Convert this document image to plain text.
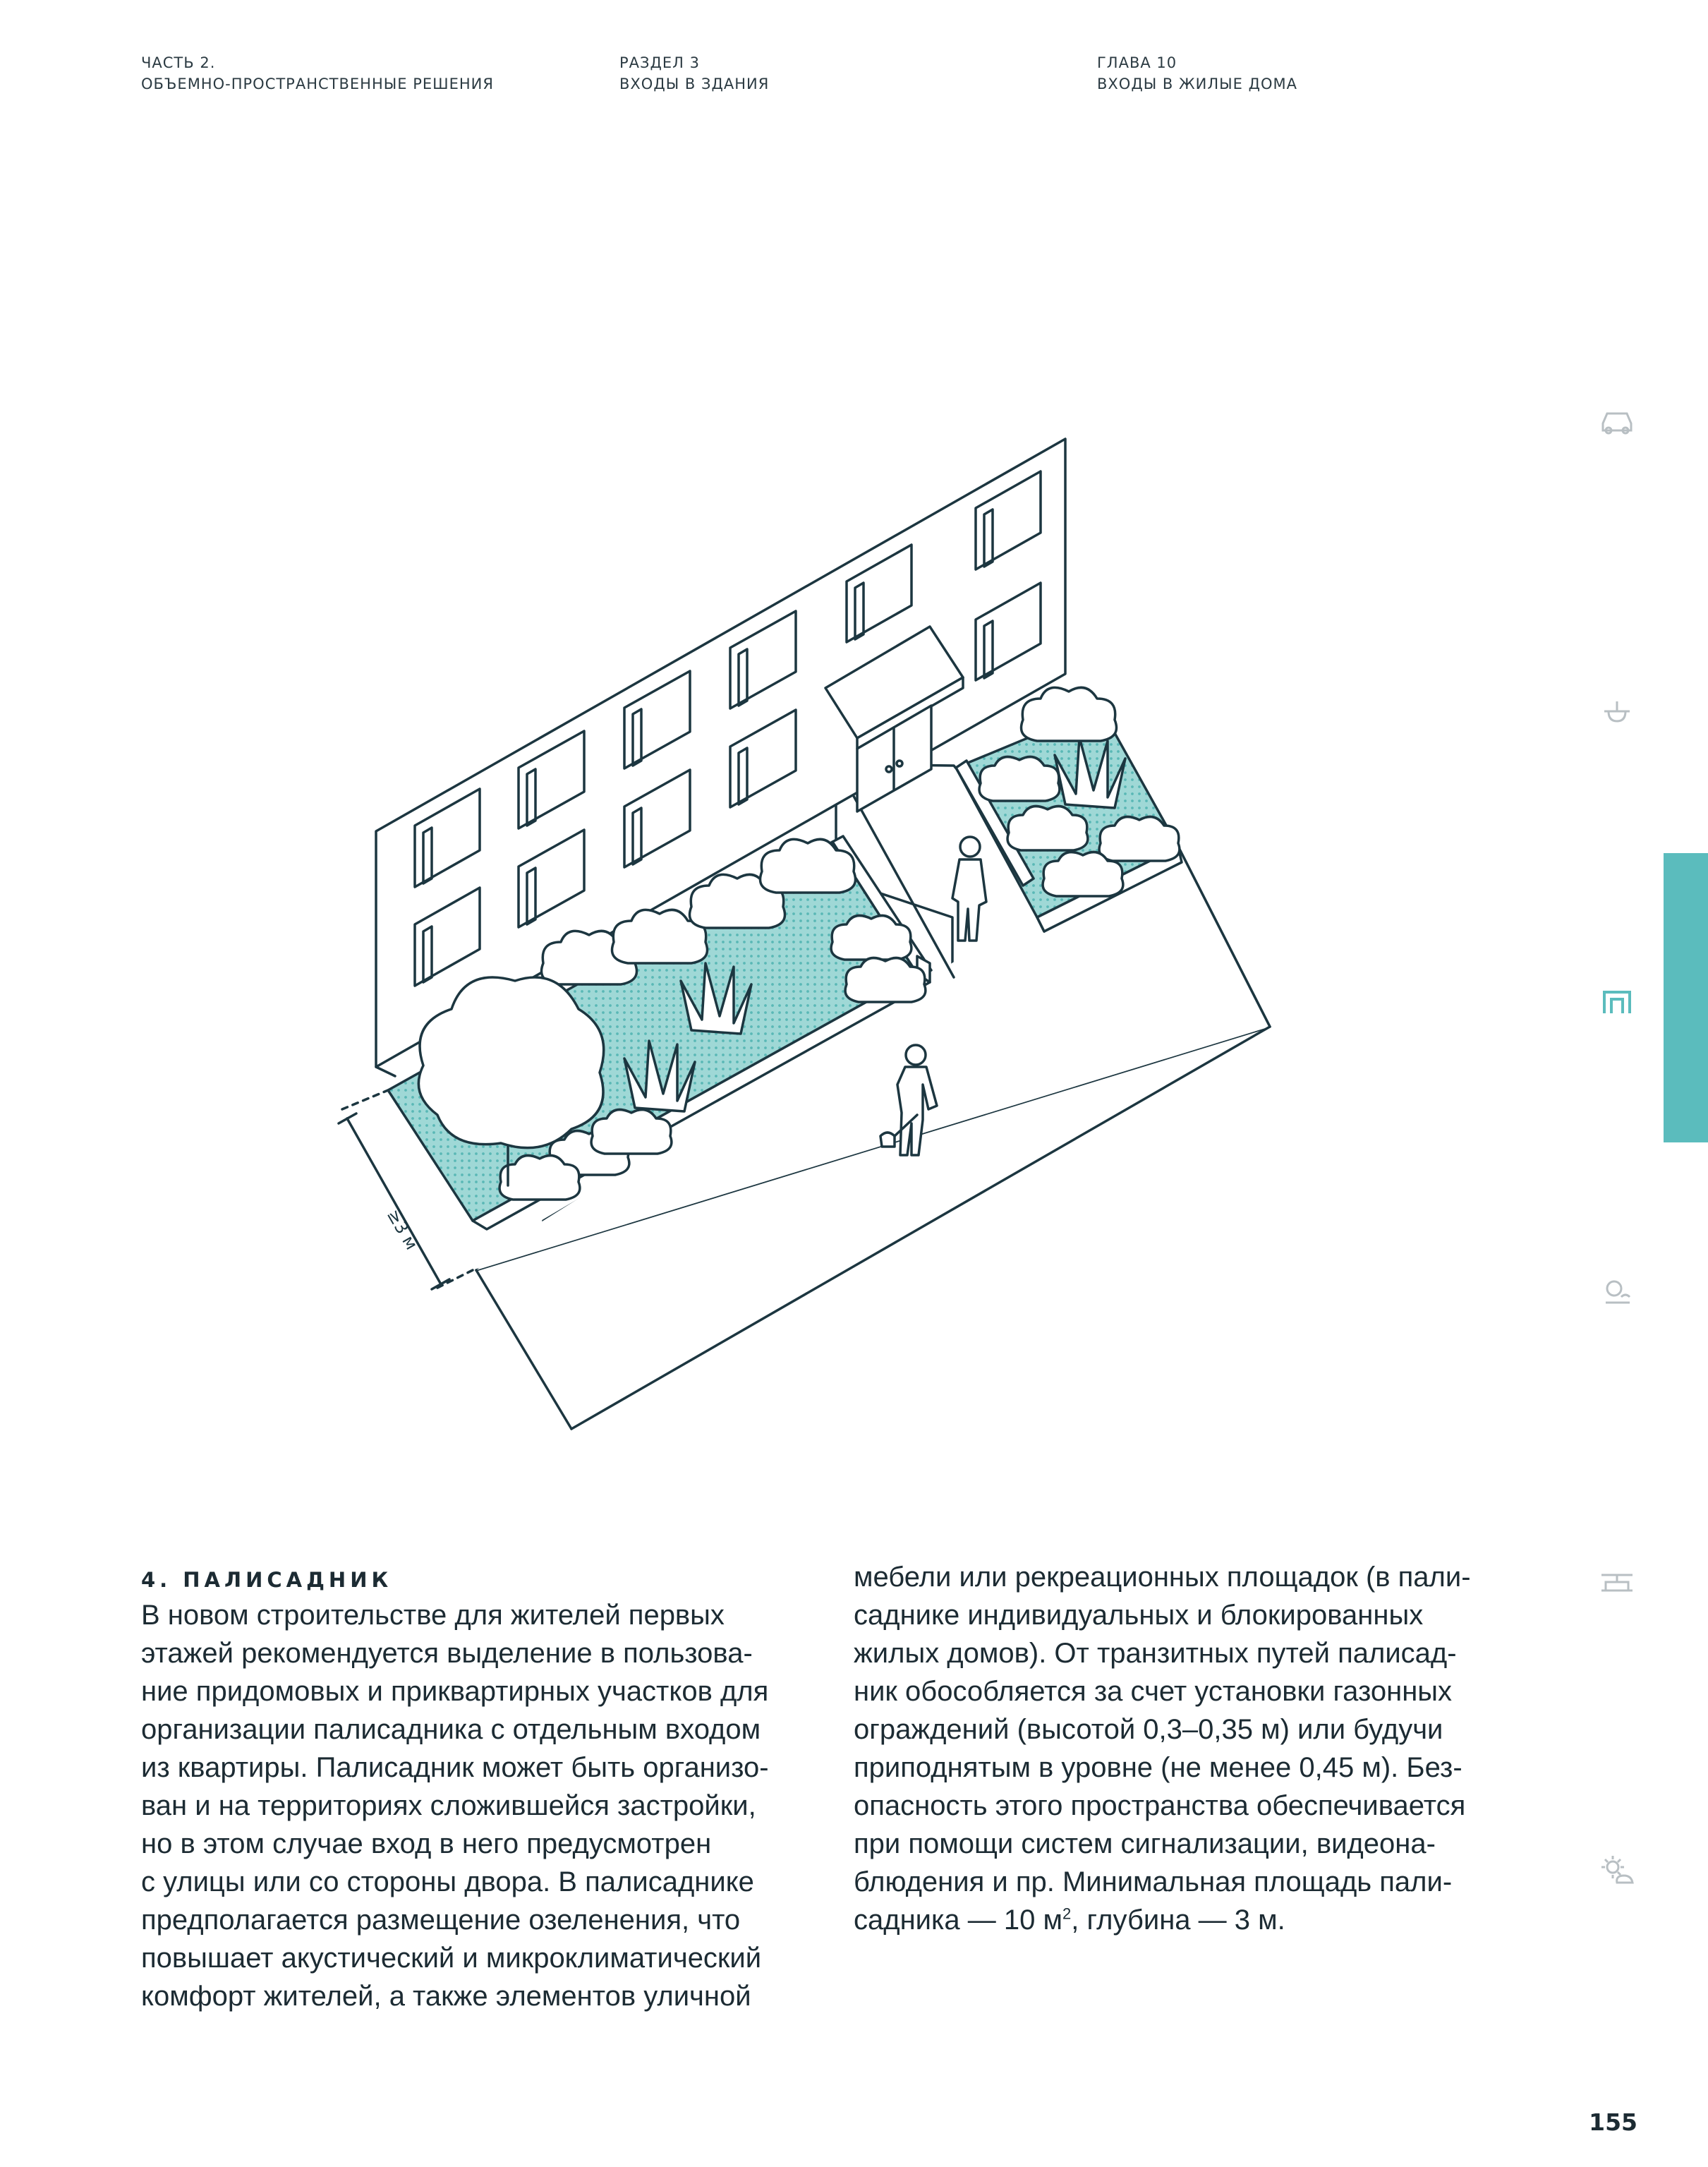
ЧАСТЬ 2.
ОБЪЕМНО-ПРОСТРАНСТВЕННЫЕ РЕШЕНИЯ
РАЗДЕЛ 3
ВХОДЫ В ЗДАНИЯ
ГЛАВА 10
ВХОДЫ В ЖИЛЫЕ ДОМА
≥3 м
4. ПАЛИСАДНИК
В новом строительстве для жителей первых
этажей рекомендуется выделение в пользова-
ние придомовых и приквартирных участков для
организации палисадника с отдельным входом
из квартиры. Палисадник может быть организо-
ван и на территориях сложившейся застройки,
но в этом случае вход в него предусмотрен
с улицы или со стороны двора. В палисаднике
предполагается размещение озеленения, что
повышает акустический и микроклиматический
комфорт жителей, а также элементов уличной
мебели или рекреационных площадок (в пали-
саднике индивидуальных и блокированных
жилых домов). От транзитных путей палисад-
ник обособляется за счет установки газонных
ограждений (высотой 0,3–0,35 м) или будучи
приподнятым в уровне (не менее 0,45 м). Без-
опасность этого пространства обеспечивается
при помощи систем сигнализации, видеона-
блюдения и пр. Минимальная площадь пали-
садника — 10 $м^2$, глубина — 3 м.
155
